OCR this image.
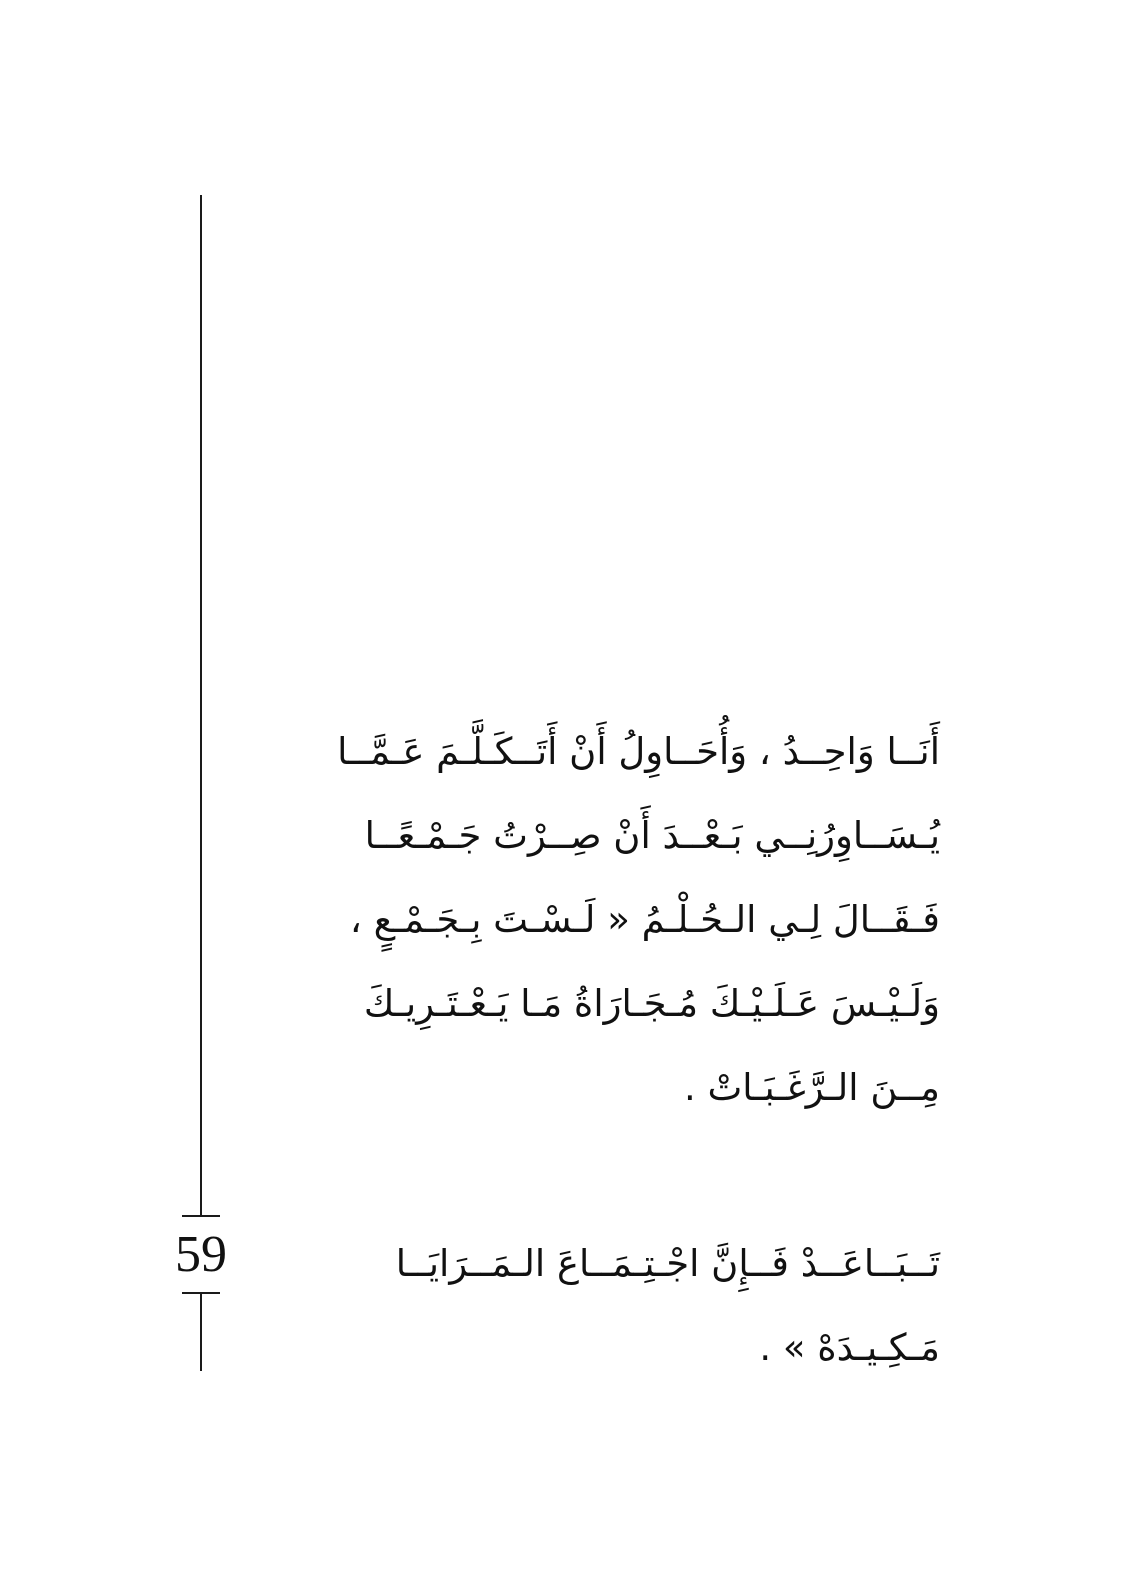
59
أَنَــا وَاحِــدُ ، وَأُحَــاوِلُ أَنْ أَتَــكَـلَّـمَ عَـمَّــا
يُـسَــاوِرُنِــي بَـعْــدَ أَنْ صِــرْتُ جَـمْـعًــا
فَـقَــالَ لِـي الـحُـلْـمُ « لَـسْـتَ بِـجَـمْـعٍ ،
وَلَـيْـسَ عَـلَـيْـكَ مُـجَـارَاةُ مَـا يَـعْـتَـرِيـكَ
مِــنَ الـرَّغَـبَـاتْ .
تَــبَــاعَــدْ فَــإِنَّ اجْـتِـمَــاعَ الـمَــرَايَــا
مَـكِـيـدَهْ » .
